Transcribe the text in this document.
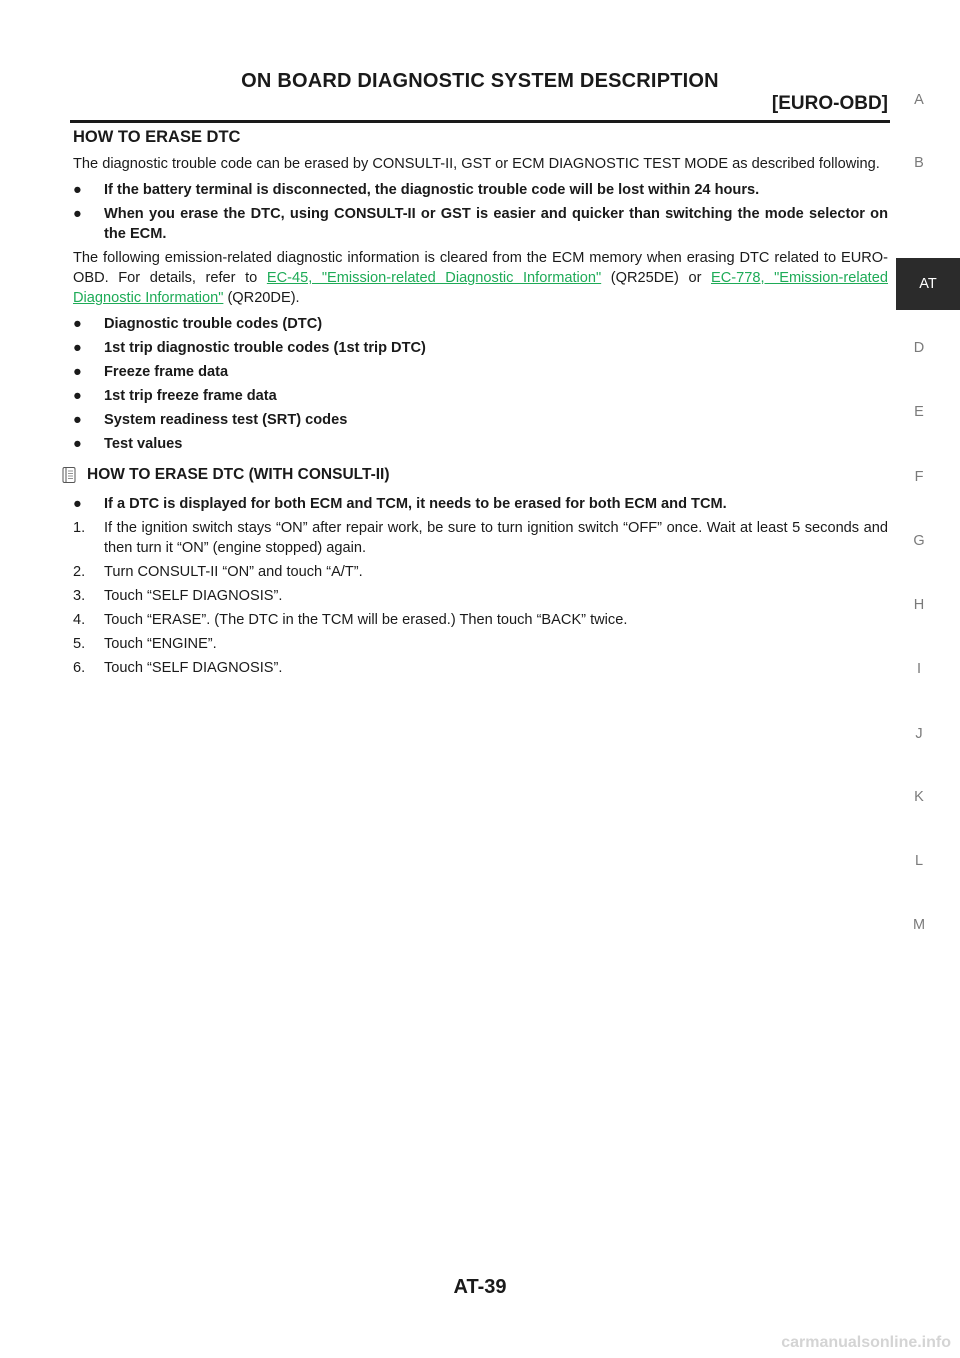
ON BOARD DIAGNOSTIC SYSTEM DESCRIPTION
[EURO-OBD]
HOW TO ERASE DTC

The diagnostic trouble code can be erased by CONSULT-II, GST or ECM DIAGNOSTIC TEST MODE as described following.

● If the battery terminal is disconnected, the diagnostic trouble code will be lost within 24 hours.
● When you erase the DTC, using CONSULT-II or GST is easier and quicker than switching the mode selector on the ECM.

The following emission-related diagnostic information is cleared from the ECM memory when erasing DTC related to EURO-OBD. For details, refer to EC-45, "Emission-related Diagnostic Information" (QR25DE) or EC-778, "Emission-related Diagnostic Information" (QR20DE).

● Diagnostic trouble codes (DTC)
● 1st trip diagnostic trouble codes (1st trip DTC)
● Freeze frame data
● 1st trip freeze frame data
● System readiness test (SRT) codes
● Test values
HOW TO ERASE DTC (WITH CONSULT-II)
● If a DTC is displayed for both ECM and TCM, it needs to be erased for both ECM and TCM.
1. If the ignition switch stays “ON” after repair work, be sure to turn ignition switch “OFF” once. Wait at least 5 seconds and then turn it “ON” (engine stopped) again.
2. Turn CONSULT-II “ON” and touch “A/T”.
3. Touch “SELF DIAGNOSIS”.
4. Touch “ERASE”. (The DTC in the TCM will be erased.) Then touch “BACK” twice.
5. Touch “ENGINE”.
6. Touch “SELF DIAGNOSIS”.
A
B
AT
D
E
F
G
H
I
J
K
L
M
AT-39
carmanualsonline.info
